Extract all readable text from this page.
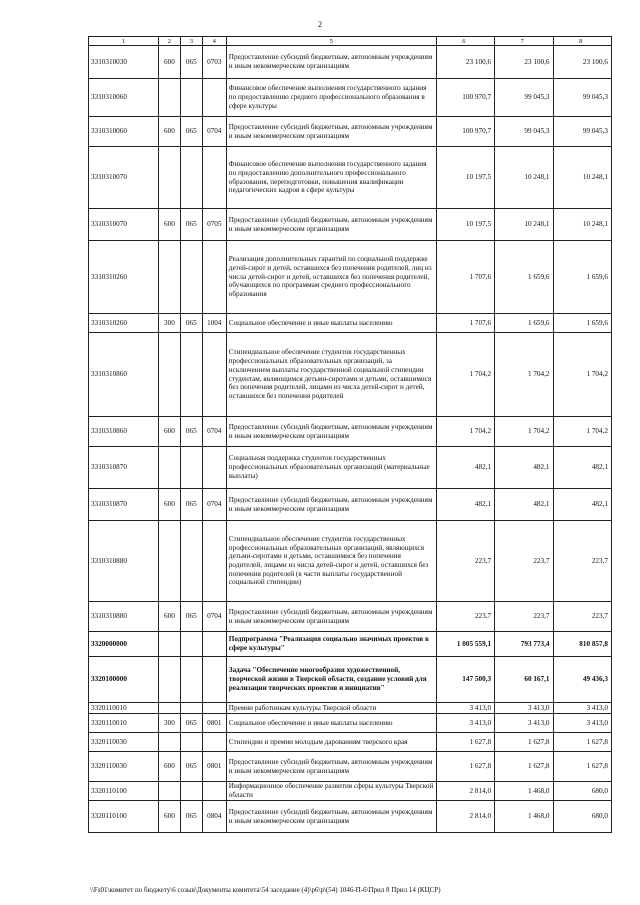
2
1	2	3	4	5	6	7	8
3310310030	600	065	0703	Предоставление субсидий бюджетным, автономным учреждениям и иным некоммерческим организациям	23 100,6	23 100,6	23 100,6
3310310060				Финансовое обеспечение выполнения государственного задания по предоставлению среднего профессионального образования в сфере культуры	100 970,7	99 045,3	99 045,3
3310310060	600	065	0704	Предоставление субсидий бюджетным, автономным учреждениям и иным некоммерческим организациям	100 970,7	99 045,3	99 045,3
3310310070				Финансовое обеспечение выполнения государственного задания по предоставлению дополнительного профессионального образования, переподготовки, повышения квалификации педагогических кадров в сфере культуры	10 197,5	10 248,1	10 248,1
3310310070	600	065	0705	Предоставление субсидий бюджетным, автономным учреждениям и иным некоммерческим организациям	10 197,5	10 248,1	10 248,1
3310310260				Реализация дополнительных гарантий по социальной поддержке детей-сирот и детей, оставшихся без попечения родителей, лиц из числа детей-сирот и детей, оставшихся без попечения родителей, обучающихся по программам среднего профессионального образования	1 707,6	1 659,6	1 659,6
3310310260	300	065	1004	Социальное обеспечение и иные выплаты населению	1 707,6	1 659,6	1 659,6
3310310860				Стипендиальное обеспечение студентов государственных профессиональных образовательных организаций, за исключением выплаты государственной социальной стипендии студентам, являющимся детьми-сиротами и детьми, оставшимися без попечения родителей, лицами из числа детей-сирот и детей, оставшихся без попечения родителей	1 704,2	1 704,2	1 704,2
3310310860	600	065	0704	Предоставление субсидий бюджетным, автономным учреждениям и иным некоммерческим организациям	1 704,2	1 704,2	1 704,2
3310310870				Социальная поддержка студентов государственных профессиональных образовательных организаций (материальные выплаты)	482,1	482,1	482,1
3310310870	600	065	0704	Предоставление субсидий бюджетным, автономным учреждениям и иным некоммерческим организациям	482,1	482,1	482,1
3310310880				Стипендиальное обеспечение студентов государственных профессиональных образовательных организаций, являющихся детьми-сиротами и детьми, оставшимися без попечения родителей, лицами из числа детей-сирот и детей, оставшихся без попечения родителей (в части выплаты государственной социальной стипендии)	223,7	223,7	223,7
3310310880	600	065	0704	Предоставление субсидий бюджетным, автономным учреждениям и иным некоммерческим организациям	223,7	223,7	223,7
3320000000				Подпрограмма "Реализация социально значимых проектов в сфере культуры"	1 005 559,1	793 773,4	810 857,8
3320100000				Задача "Обеспечение многообразия художественной, творческой жизни в Тверской области, создание условий для реализации творческих проектов и инициатив"	147 500,3	60 167,1	49 436,3
3320110010				Премии работникам культуры Тверской области	3 413,0	3 413,0	3 413,0
3320110010	300	065	0801	Социальное обеспечение и иные выплаты населению	3 413,0	3 413,0	3 413,0
3320110030				Стипендии и премии молодым дарованиям тверского края	1 627,8	1 627,8	1 627,8
3320110030	600	065	0801	Предоставление субсидий бюджетным, автономным учреждениям и иным некоммерческим организациям	1 627,8	1 627,8	1 627,8
3320110100				Информационное обеспечение развития сферы культуры Тверской области	2 814,0	1 468,0	680,0
3320110100	600	065	0804	Предоставление субсидий бюджетным, автономным учреждениям и иным некоммерческим организациям	2 814,0	1 468,0	680,0
\\Fs01\комитет по бюджету\6 созыв\Документы комитета\54 заседание (4)\р6\р\(54) 1046-П-6\Прил 8 Прил 14 (КЦСР)
